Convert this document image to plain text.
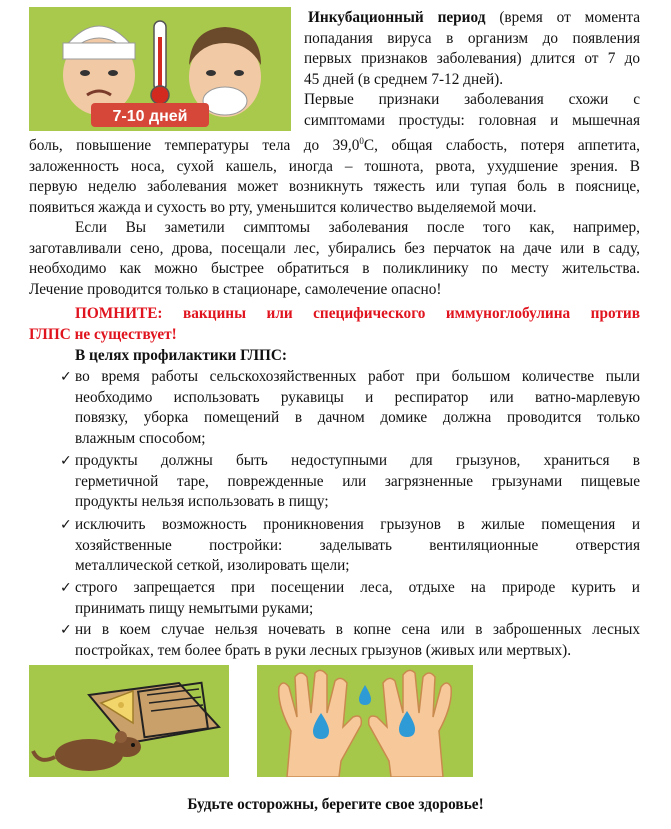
7-10 дней
Инкубационный период (время от момента
попадания вируса в организм до появления
первых признаков заболевания) длится от 7 до
45 дней (в среднем 7-12 дней).
Первые признаки заболевания схожи с
симптомами простуды: головная и мышечная
боль, повышение температуры тела до 39,0$^0$С, общая слабость, потеря аппетита,
заложенность носа, сухой кашель, иногда – тошнота, рвота, ухудшение зрения. В
первую неделю заболевания может возникнуть тяжесть или тупая боль в пояснице,
появиться жажда и сухость во рту, уменьшится количество выделяемой мочи.
Если Вы заметили симптомы заболевания после того как, например,
заготавливали сено, дрова, посещали лес, убирались без перчаток на даче или в саду,
необходимо как можно быстрее обратиться в поликлинику по месту жительства.
Лечение проводится только в стационаре, самолечение опасно!
ПОМНИТЕ: вакцины или специфического иммуноглобулина против
ГЛПС не существует!
В целях профилактики ГЛПС:
во время работы сельскохозяйственных работ при большом количестве пыли
необходимо использовать рукавицы и респиратор или ватно-марлевую
повязку, уборка помещений в дачном домике должна проводится только
влажным способом;
✓
продукты должны быть недоступными для грызунов, храниться в
герметичной таре, поврежденные или загрязненные грызунами пищевые
продукты нельзя использовать в пищу;
✓
исключить возможность проникновения грызунов в жилые помещения и
хозяйственные постройки: заделывать вентиляционные отверстия
металлической сеткой, изолировать щели;
✓
строго запрещается при посещении леса, отдыхе на природе курить и
принимать пищу немытыми руками;
✓
ни в коем случае нельзя ночевать в копне сена или в заброшенных лесных
постройках, тем более брать в руки лесных грызунов (живых или мертвых).
✓
Будьте осторожны, берегите свое здоровье!
